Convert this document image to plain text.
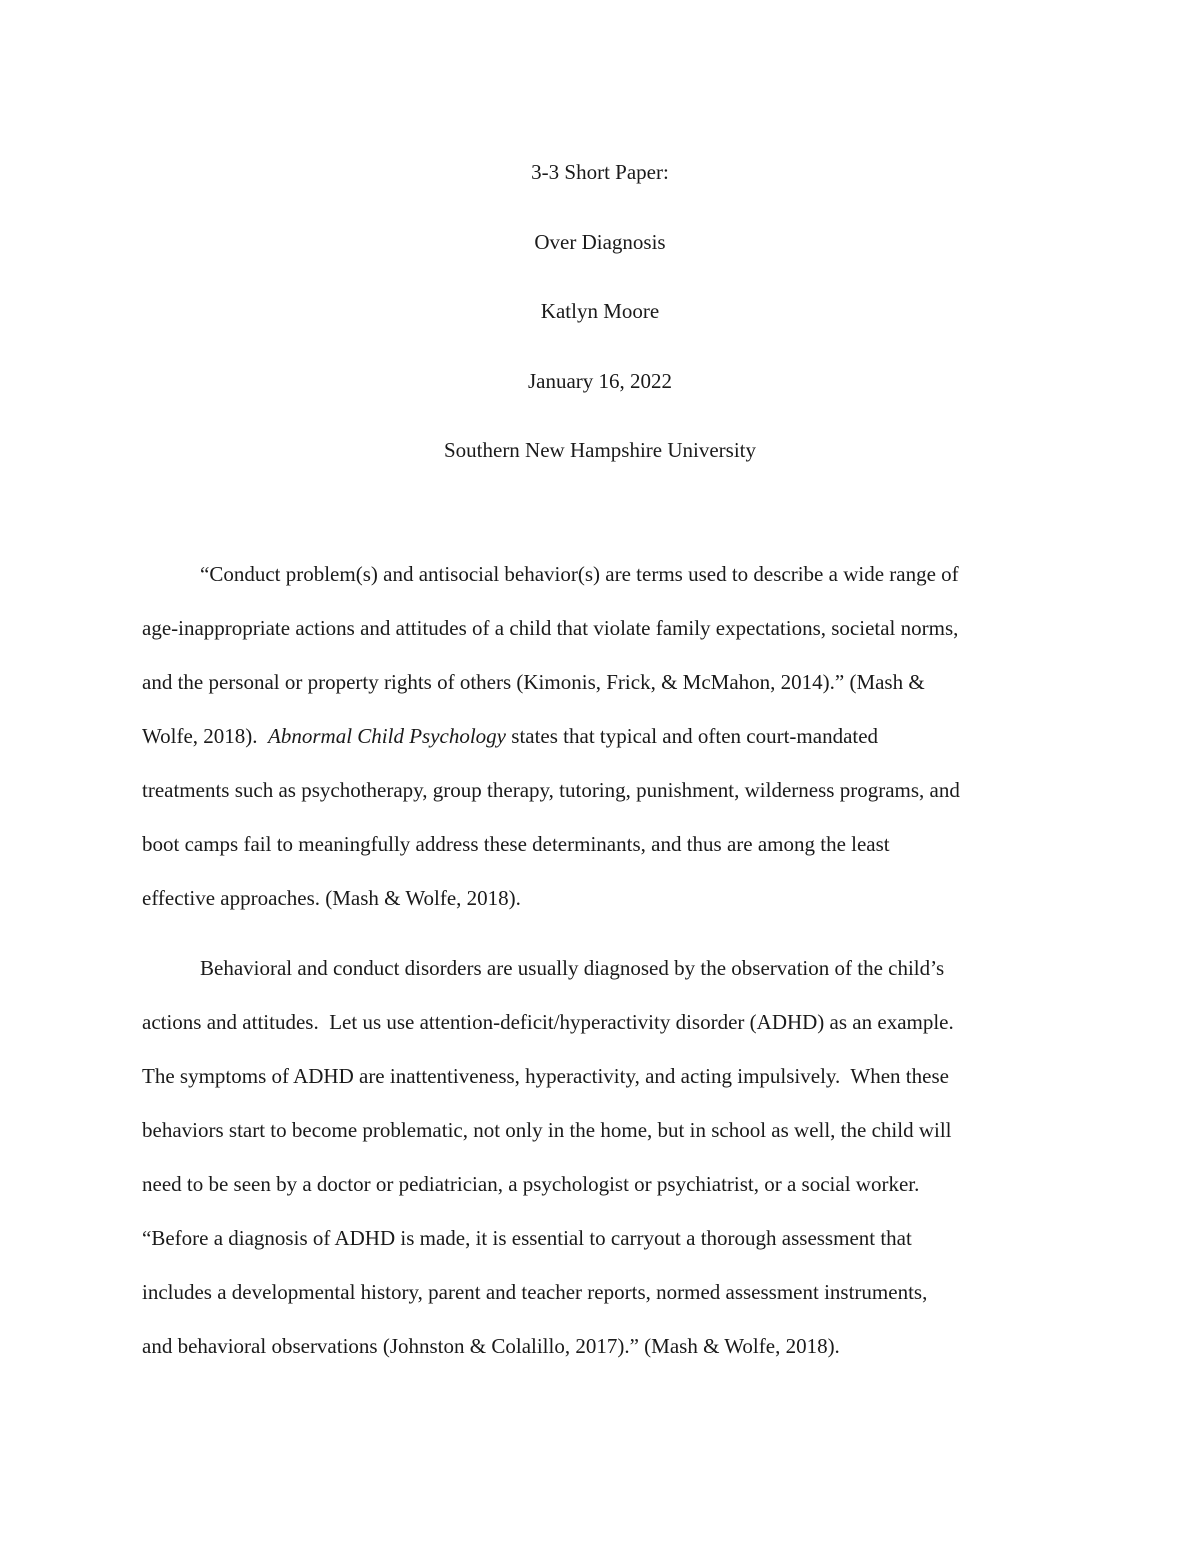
3-3 Short Paper:
Over Diagnosis
Katlyn Moore
January 16, 2022
Southern New Hampshire University
“Conduct problem(s) and antisocial behavior(s) are terms used to describe a wide range of
age-inappropriate actions and attitudes of a child that violate family expectations, societal norms,
and the personal or property rights of others (Kimonis, Frick, & McMahon, 2014).” (Mash &
Wolfe, 2018).  Abnormal Child Psychology states that typical and often court-mandated
treatments such as psychotherapy, group therapy, tutoring, punishment, wilderness programs, and
boot camps fail to meaningfully address these determinants, and thus are among the least
effective approaches. (Mash & Wolfe, 2018).
Behavioral and conduct disorders are usually diagnosed by the observation of the child’s
actions and attitudes.  Let us use attention-deficit/hyperactivity disorder (ADHD) as an example.
The symptoms of ADHD are inattentiveness, hyperactivity, and acting impulsively.  When these
behaviors start to become problematic, not only in the home, but in school as well, the child will
need to be seen by a doctor or pediatrician, a psychologist or psychiatrist, or a social worker.
“Before a diagnosis of ADHD is made, it is essential to carryout a thorough assessment that
includes a developmental history, parent and teacher reports, normed assessment instruments,
and behavioral observations (Johnston & Colalillo, 2017).” (Mash & Wolfe, 2018).
